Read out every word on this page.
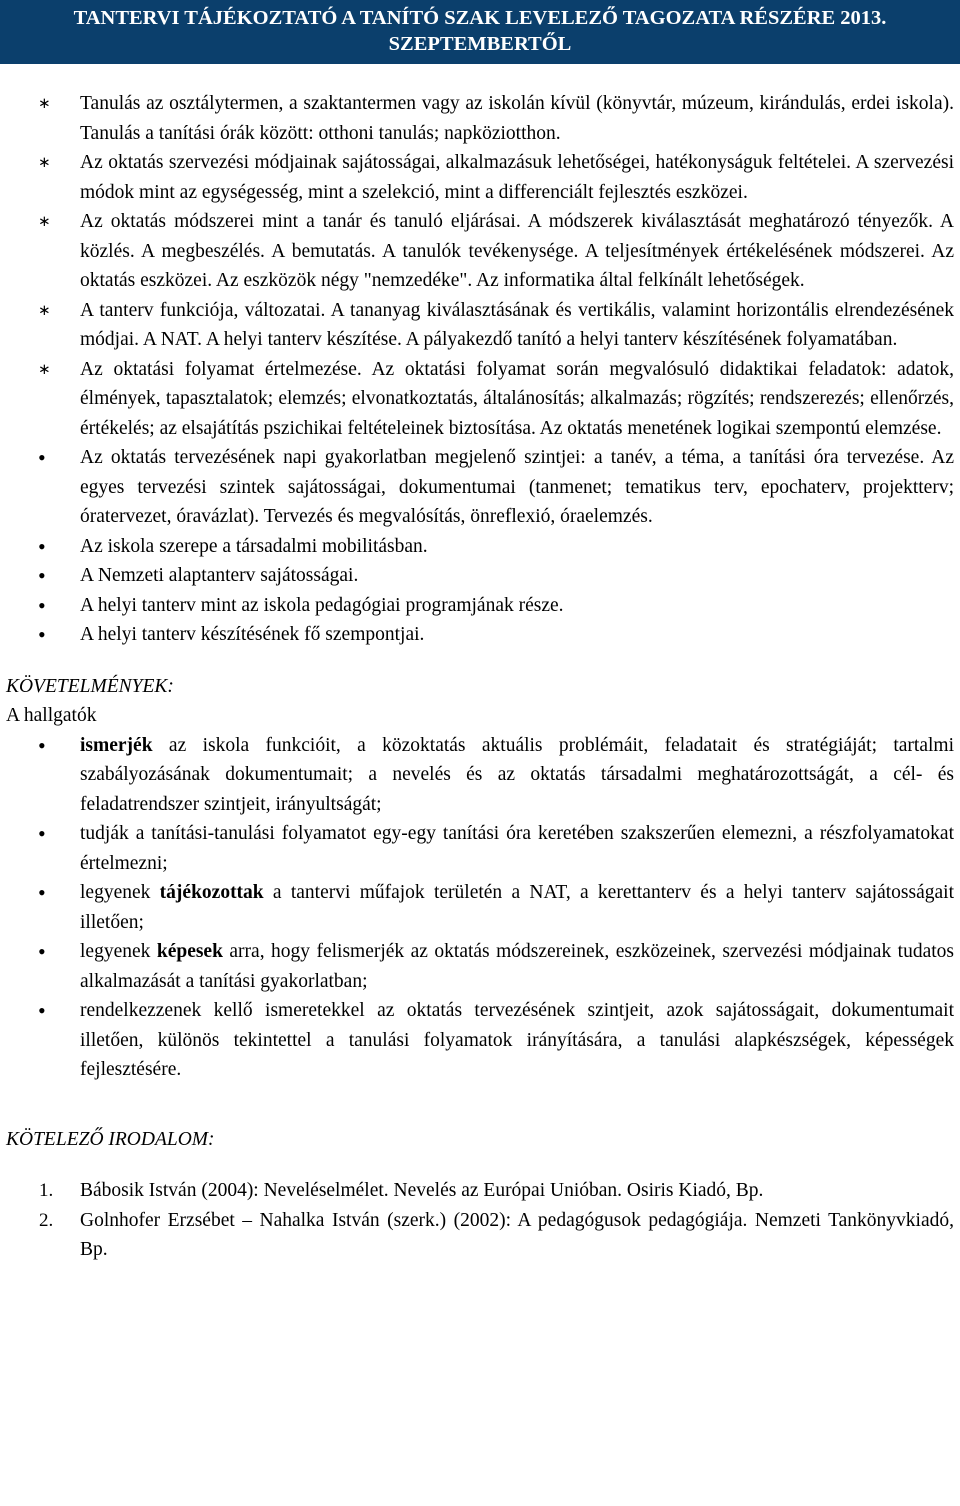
TANTERVI TÁJÉKOZTATÓ A TANÍTÓ SZAK LEVELEZŐ TAGOZATA RÉSZÉRE 2013.
SZEPTEMBERTŐL
∗ Tanulás az osztálytermen, a szaktantermen vagy az iskolán kívül (könyvtár, múzeum, kirándulás, erdei iskola). Tanulás a tanítási órák között: otthoni tanulás; napköziotthon.
∗ Az oktatás szervezési módjainak sajátosságai, alkalmazásuk lehetőségei, hatékonyságuk feltételei. A szervezési módok mint az egységesség, mint a szelekció, mint a differenciált fejlesztés eszközei.
∗ Az oktatás módszerei mint a tanár és tanuló eljárásai. A módszerek kiválasztását meghatározó tényezők. A közlés. A megbeszélés. A bemutatás. A tanulók tevékenysége. A teljesítmények értékelésének módszerei. Az oktatás eszközei. Az eszközök négy "nemzedéke". Az informatika által felkínált lehetőségek.
∗ A tanterv funkciója, változatai. A tananyag kiválasztásának és vertikális, valamint horizontális elrendezésének módjai. A NAT. A helyi tanterv készítése. A pályakezdő tanító a helyi tanterv készítésének folyamatában.
∗ Az oktatási folyamat értelmezése. Az oktatási folyamat során megvalósuló didaktikai feladatok: adatok, élmények, tapasztalatok; elemzés; elvonatkoztatás, általánosítás; alkalmazás; rögzítés; rendszerezés; ellenőrzés, értékelés; az elsajátítás pszichikai feltételeinek biztosítása. Az oktatás menetének logikai szempontú elemzése.
• Az oktatás tervezésének napi gyakorlatban megjelenő szintjei: a tanév, a téma, a tanítási óra tervezése. Az egyes tervezési szintek sajátosságai, dokumentumai (tanmenet; tematikus terv, epochaterv, projektterv; óratervezet, óravázlat). Tervezés és megvalósítás, önreflexió, óraelemzés.
• Az iskola szerepe a társadalmi mobilitásban.
• A Nemzeti alaptanterv sajátosságai.
• A helyi tanterv mint az iskola pedagógiai programjának része.
• A helyi tanterv készítésének fő szempontjai.
KÖVETELMÉNYEK:
A hallgatók
• ismerjék az iskola funkcióit, a közoktatás aktuális problémáit, feladatait és stratégiáját; tartalmi szabályozásának dokumentumait; a nevelés és az oktatás társadalmi meghatározottságát, a cél- és feladatrendszer szintjeit, irányultságát;
• tudják a tanítási-tanulási folyamatot egy-egy tanítási óra keretében szakszerűen elemezni, a részfolyamatokat értelmezni;
• legyenek tájékozottak a tantervi műfajok területén a NAT, a kerettanterv és a helyi tanterv sajátosságait illetően;
• legyenek képesek arra, hogy felismerjék az oktatás módszereinek, eszközeinek, szervezési módjainak tudatos alkalmazását a tanítási gyakorlatban;
• rendelkezzenek kellő ismeretekkel az oktatás tervezésének szintjeit, azok sajátosságait, dokumentumait illetően, különös tekintettel a tanulási folyamatok irányítására, a tanulási alapkészségek, képességek fejlesztésére.
KÖTELEZŐ IRODALOM:
1. Bábosik István (2004): Neveléselmélet. Nevelés az Európai Unióban. Osiris Kiadó, Bp.
2. Golnhofer Erzsébet – Nahalka István (szerk.) (2002): A pedagógusok pedagógiája. Nemzeti Tankönyvkiadó, Bp.
